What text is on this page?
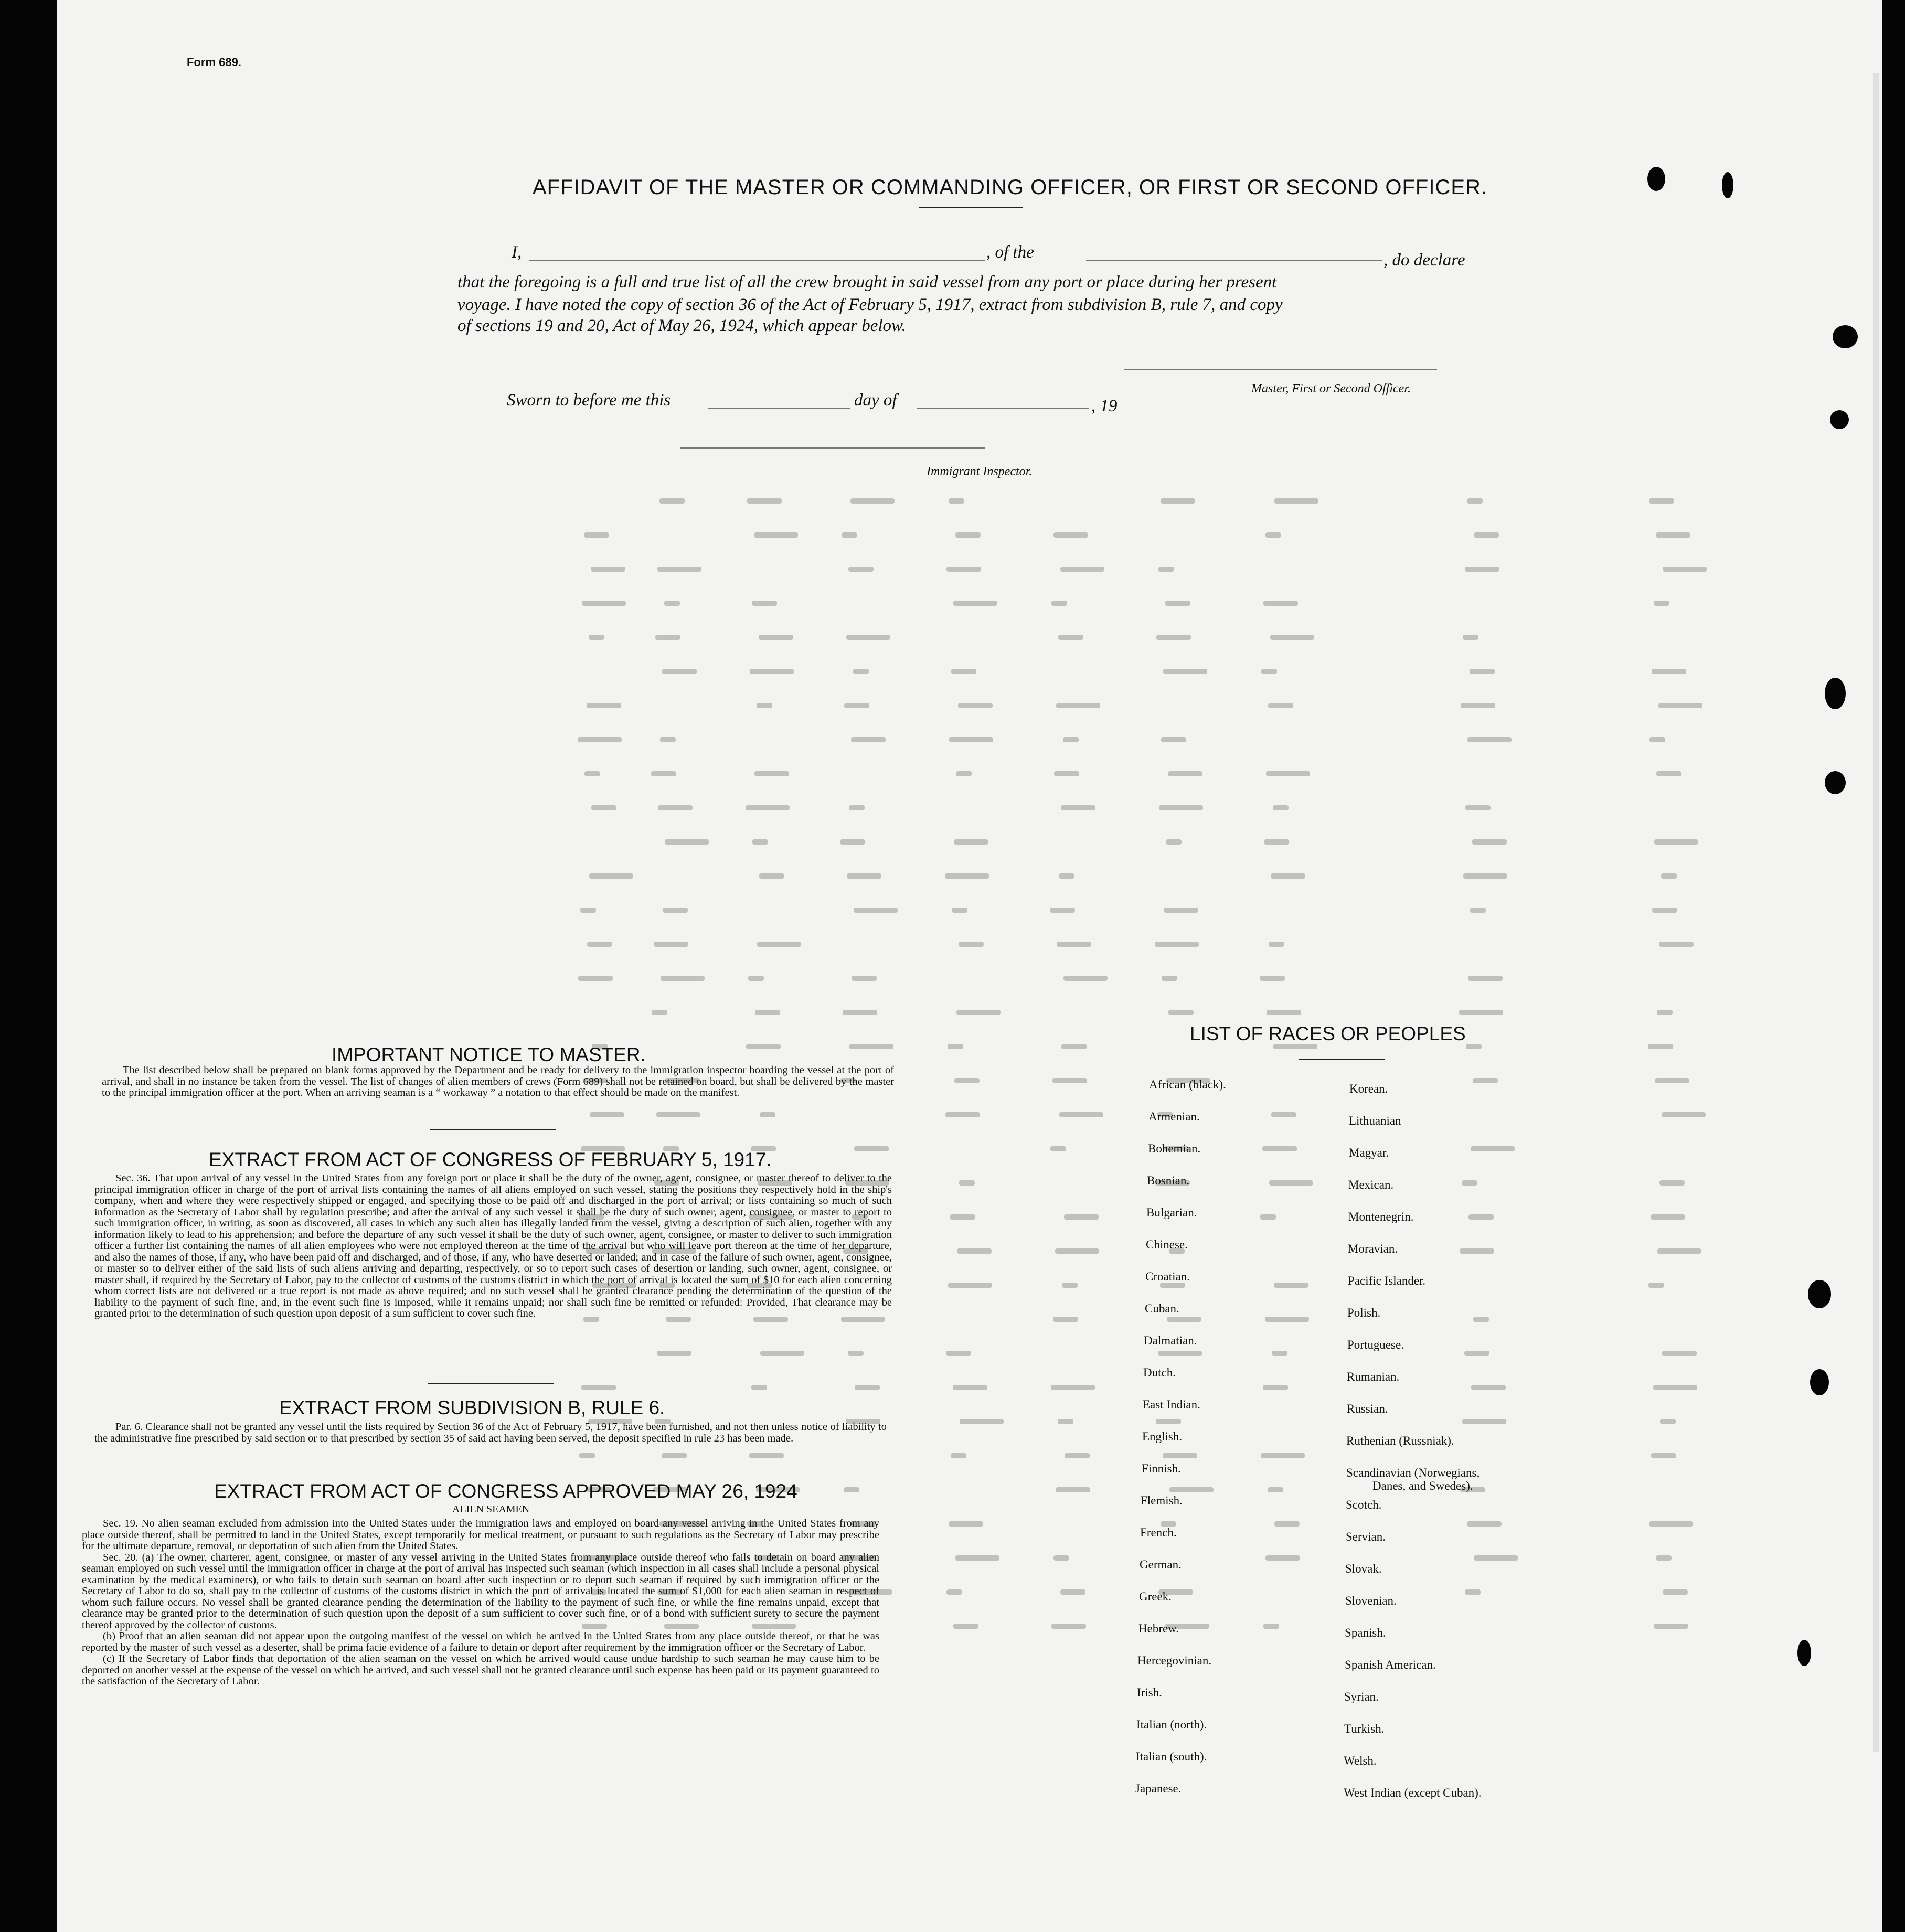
Form 689.
AFFIDAVIT OF THE MASTER OR COMMANDING OFFICER, OR FIRST OR SECOND OFFICER.
I,	, of the	, do declare
that the foregoing is a full and true list of all the crew brought in said vessel from any port or place during her present
voyage. I have noted the copy of section 36 of the Act of February 5, 1917, extract from subdivision B, rule 7, and copy
of sections 19 and 20, Act of May 26, 1924, which appear below.
Master, First or Second Officer.
Sworn to before me this	day of	, 19
Immigrant Inspector.
IMPORTANT NOTICE TO MASTER.

The list described below shall be prepared on blank forms approved by the Department and be ready for delivery to the immigration inspector boarding the vessel at the port of arrival, and shall in no instance be taken from the vessel. The list of changes of alien members of crews (Form 689) shall not be retained on board, but shall be delivered by the master to the principal immigration officer at the port. When an arriving seaman is a “ workaway ” a notation to that effect should be made on the manifest.

EXTRACT FROM ACT OF CONGRESS OF FEBRUARY 5, 1917.

Sec. 36. That upon arrival of any vessel in the United States from any foreign port or place it shall be the duty of the owner, agent, consignee, or master thereof to deliver to the principal immigration officer in charge of the port of arrival lists containing the names of all aliens employed on such vessel, stating the positions they respectively hold in the ship's company, when and where they were respectively shipped or engaged, and specifying those to be paid off and discharged in the port of arrival; or lists containing so much of such information as the Secretary of Labor shall by regulation prescribe; and after the arrival of any such vessel it shall be the duty of such owner, agent, consignee, or master to report to such immigration officer, in writing, as soon as discovered, all cases in which any such alien has illegally landed from the vessel, giving a description of such alien, together with any information likely to lead to his apprehension; and before the departure of any such vessel it shall be the duty of such owner, agent, consignee, or master to deliver to such immigration officer a further list containing the names of all alien employees who were not employed thereon at the time of the arrival but who will leave port thereon at the time of her departure, and also the names of those, if any, who have been paid off and discharged, and of those, if any, who have deserted or landed; and in case of the failure of such owner, agent, consignee, or master so to deliver either of the said lists of such aliens arriving and departing, respectively, or so to report such cases of desertion or landing, such owner, agent, consignee, or master shall, if required by the Secretary of Labor, pay to the collector of customs of the customs district in which the port of arrival is located the sum of $10 for each alien concerning whom correct lists are not delivered or a true report is not made as above required; and no such vessel shall be granted clearance pending the determination of the question of the liability to the payment of such fine, and, in the event such fine is imposed, while it remains unpaid; nor shall such fine be remitted or refunded: Provided, That clearance may be granted prior to the determination of such question upon deposit of a sum sufficient to cover such fine.

EXTRACT FROM SUBDIVISION B, RULE 6.

Par. 6. Clearance shall not be granted any vessel until the lists required by Section 36 of the Act of February 5, 1917, have been furnished, and not then unless notice of liability to the administrative fine prescribed by said section or to that prescribed by section 35 of said act having been served, the deposit specified in rule 23 has been made.

EXTRACT FROM ACT OF CONGRESS APPROVED MAY 26, 1924
ALIEN SEAMEN

Sec. 19. No alien seaman excluded from admission into the United States under the immigration laws and employed on board any vessel arriving in the United States from any place outside thereof, shall be permitted to land in the United States, except temporarily for medical treatment, or pursuant to such regulations as the Secretary of Labor may prescribe for the ultimate departure, removal, or deportation of such alien from the United States.

Sec. 20. (a) The owner, charterer, agent, consignee, or master of any vessel arriving in the United States from any place outside thereof who fails to detain on board any alien seaman employed on such vessel until the immigration officer in charge at the port of arrival has inspected such seaman (which inspection in all cases shall include a personal physical examination by the medical examiners), or who fails to detain such seaman on board after such inspection or to deport such seaman if required by such immigration officer or the Secretary of Labor to do so, shall pay to the collector of customs of the customs district in which the port of arrival is located the sum of $1,000 for each alien seaman in respect of whom such failure occurs. No vessel shall be granted clearance pending the determination of the liability to the payment of such fine, or while the fine remains unpaid, except that clearance may be granted prior to the determination of such question upon the deposit of a sum sufficient to cover such fine, or of a bond with sufficient surety to secure the payment thereof approved by the collector of customs.

(b) Proof that an alien seaman did not appear upon the outgoing manifest of the vessel on which he arrived in the United States from any place outside thereof, or that he was reported by the master of such vessel as a deserter, shall be prima facie evidence of a failure to detain or deport after requirement by the immigration officer or the Secretary of Labor.

(c) If the Secretary of Labor finds that deportation of the alien seaman on the vessel on which he arrived would cause undue hardship to such seaman he may cause him to be deported on another vessel at the expense of the vessel on which he arrived, and such vessel shall not be granted clearance until such expense has been paid or its payment guaranteed to the satisfaction of the Secretary of Labor.

LIST OF RACES OR PEOPLES
African (black).
Armenian.
Bohemian.
Bosnian.
Bulgarian.
Chinese.
Croatian.
Cuban.
Dalmatian.
Dutch.
East Indian.
English.
Finnish.
Flemish.
French.
German.
Greek.
Hebrew.
Hercegovinian.
Irish.
Italian (north).
Italian (south).
Japanese.
Korean.
Lithuanian
Magyar.
Mexican.
Montenegrin.
Moravian.
Pacific Islander.
Polish.
Portuguese.
Rumanian.
Russian.
Ruthenian (Russniak).
Scandinavian (Norwegians,
Scotch.
Servian.
Slovak.
Slovenian.
Spanish.
Spanish American.
Syrian.
Turkish.
Welsh.
West Indian (except Cuban).
Danes, and Swedes).
